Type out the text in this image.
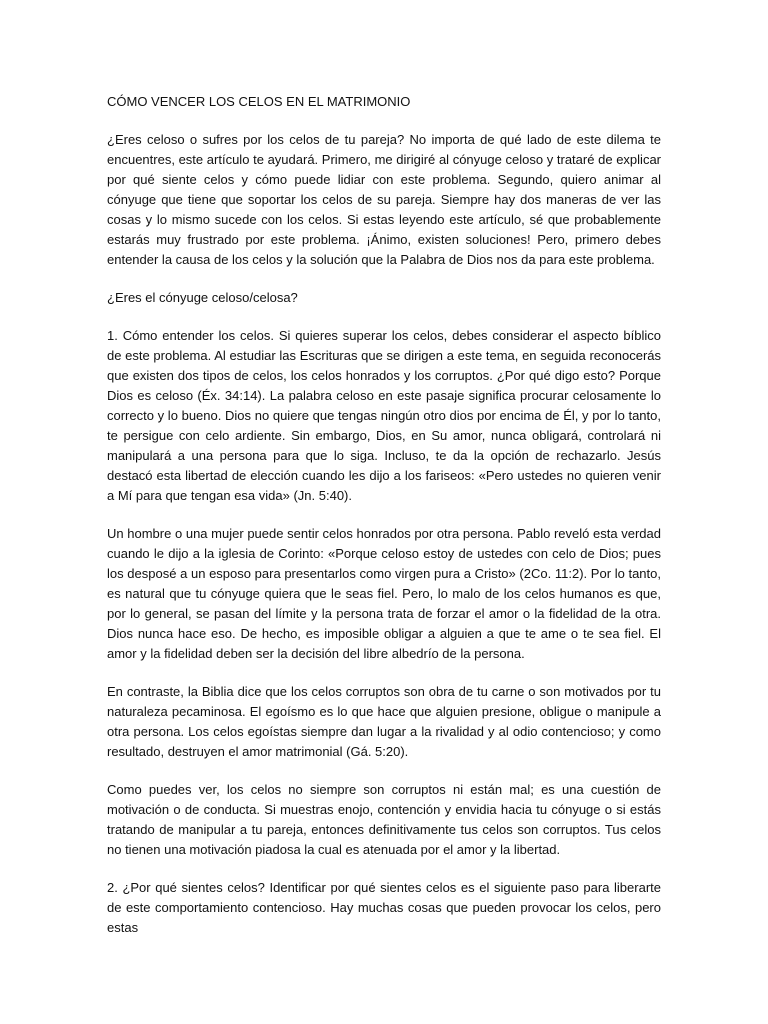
CÓMO VENCER LOS CELOS EN EL MATRIMONIO

¿Eres celoso o sufres por los celos de tu pareja? No importa de qué lado de este dilema te encuentres, este artículo te ayudará. Primero, me dirigiré al cónyuge celoso y trataré de explicar por qué siente celos y cómo puede lidiar con este problema. Segundo, quiero animar al cónyuge que tiene que soportar los celos de su pareja. Siempre hay dos maneras de ver las cosas y lo mismo sucede con los celos. Si estas leyendo este artículo, sé que probablemente estarás muy frustrado por este problema. ¡Ánimo, existen soluciones! Pero, primero debes entender la causa de los celos y la solución que la Palabra de Dios nos da para este problema.

¿Eres el cónyuge celoso/celosa?

1. Cómo entender los celos. Si quieres superar los celos, debes considerar el aspecto bíblico de este problema. Al estudiar las Escrituras que se dirigen a este tema, en seguida reconocerás que existen dos tipos de celos, los celos honrados y los corruptos. ¿Por qué digo esto? Porque Dios es celoso (Éx. 34:14). La palabra celoso en este pasaje significa procurar celosamente lo correcto y lo bueno. Dios no quiere que tengas ningún otro dios por encima de Él, y por lo tanto, te persigue con celo ardiente. Sin embargo, Dios, en Su amor, nunca obligará, controlará ni manipulará a una persona para que lo siga. Incluso, te da la opción de rechazarlo. Jesús destacó esta libertad de elección cuando les dijo a los fariseos: «Pero ustedes no quieren venir a Mí para que tengan esa vida» (Jn. 5:40).

Un hombre o una mujer puede sentir celos honrados por otra persona. Pablo reveló esta verdad cuando le dijo a la iglesia de Corinto: «Porque celoso estoy de ustedes con celo de Dios; pues los desposé a un esposo para presentarlos como virgen pura a Cristo» (2Co. 11:2). Por lo tanto, es natural que tu cónyuge quiera que le seas fiel. Pero, lo malo de los celos humanos es que, por lo general, se pasan del límite y la persona trata de forzar el amor o la fidelidad de la otra. Dios nunca hace eso. De hecho, es imposible obligar a alguien a que te ame o te sea fiel. El amor y la fidelidad deben ser la decisión del libre albedrío de la persona.

En contraste, la Biblia dice que los celos corruptos son obra de tu carne o son motivados por tu naturaleza pecaminosa. El egoísmo es lo que hace que alguien presione, obligue o manipule a otra persona. Los celos egoístas siempre dan lugar a la rivalidad y al odio contencioso; y como resultado, destruyen el amor matrimonial (Gá. 5:20).

Como puedes ver, los celos no siempre son corruptos ni están mal; es una cuestión de motivación o de conducta. Si muestras enojo, contención y envidia hacia tu cónyuge o si estás tratando de manipular a tu pareja, entonces definitivamente tus celos son corruptos. Tus celos no tienen una motivación piadosa la cual es atenuada por el amor y la libertad.

2. ¿Por qué sientes celos? Identificar por qué sientes celos es el siguiente paso para liberarte de este comportamiento contencioso. Hay muchas cosas que pueden provocar los celos, pero estas
